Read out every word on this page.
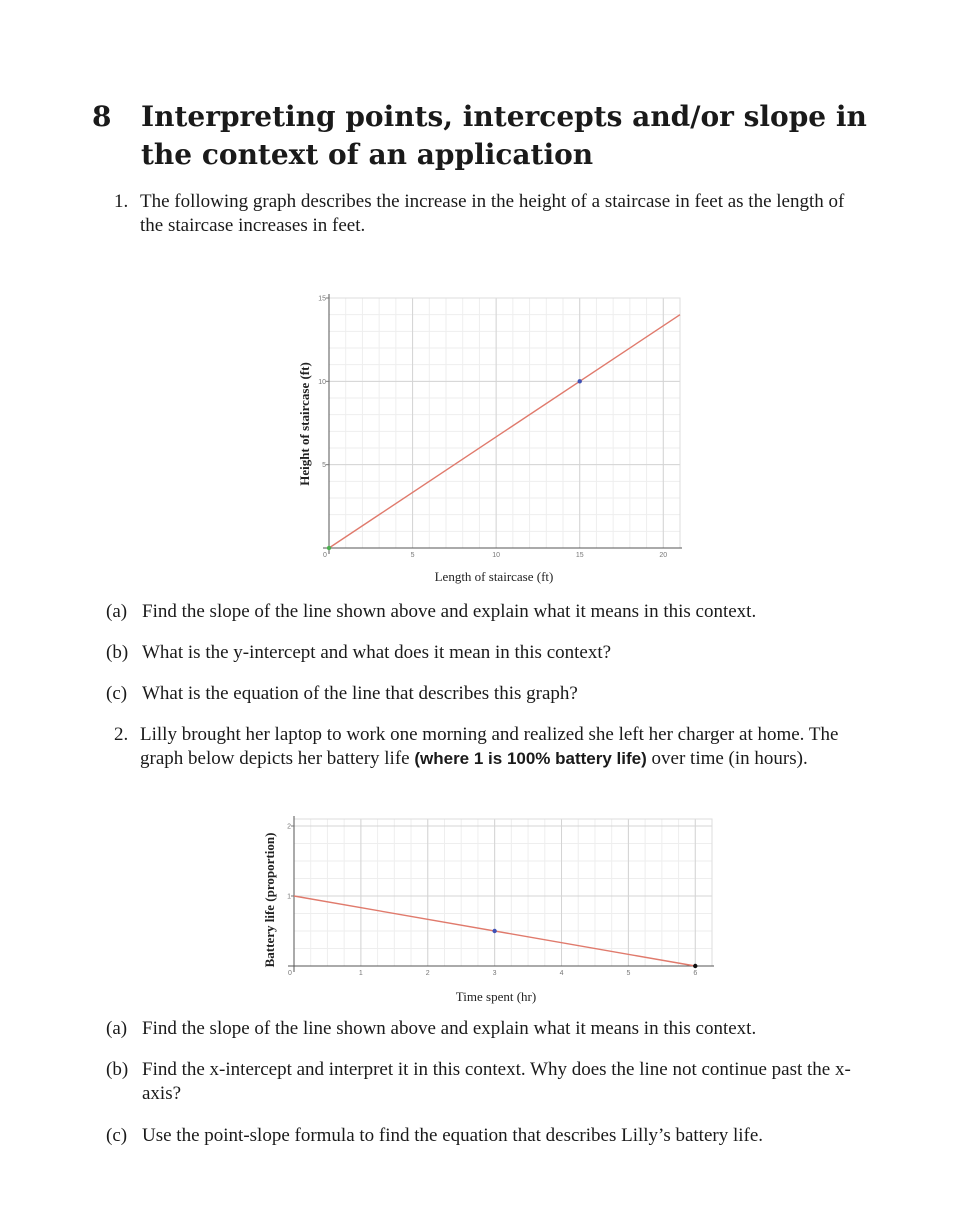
8 Interpreting points, intercepts and/or slope in the context of an application
1. The following graph describes the increase in the height of a staircase in feet as the length of the staircase increases in feet.
0	5	10	15	20
5
10
15
Length of staircase (ft)
Height of staircase (ft)
(a) Find the slope of the line shown above and explain what it means in this context.
(b) What is the y-intercept and what does it mean in this context?
(c) What is the equation of the line that describes this graph?
2. Lilly brought her laptop to work one morning and realized she left her charger at home. The graph below depicts her battery life (where 1 is 100% battery life) over time (in hours).
0	1	2	3	4	5	6
1
2
Time spent (hr)
Battery life (proportion)
(a) Find the slope of the line shown above and explain what it means in this context.
(b) Find the x-intercept and interpret it in this context. Why does the line not continue past the x-axis?
(c) Use the point-slope formula to find the equation that describes Lilly’s battery life.
